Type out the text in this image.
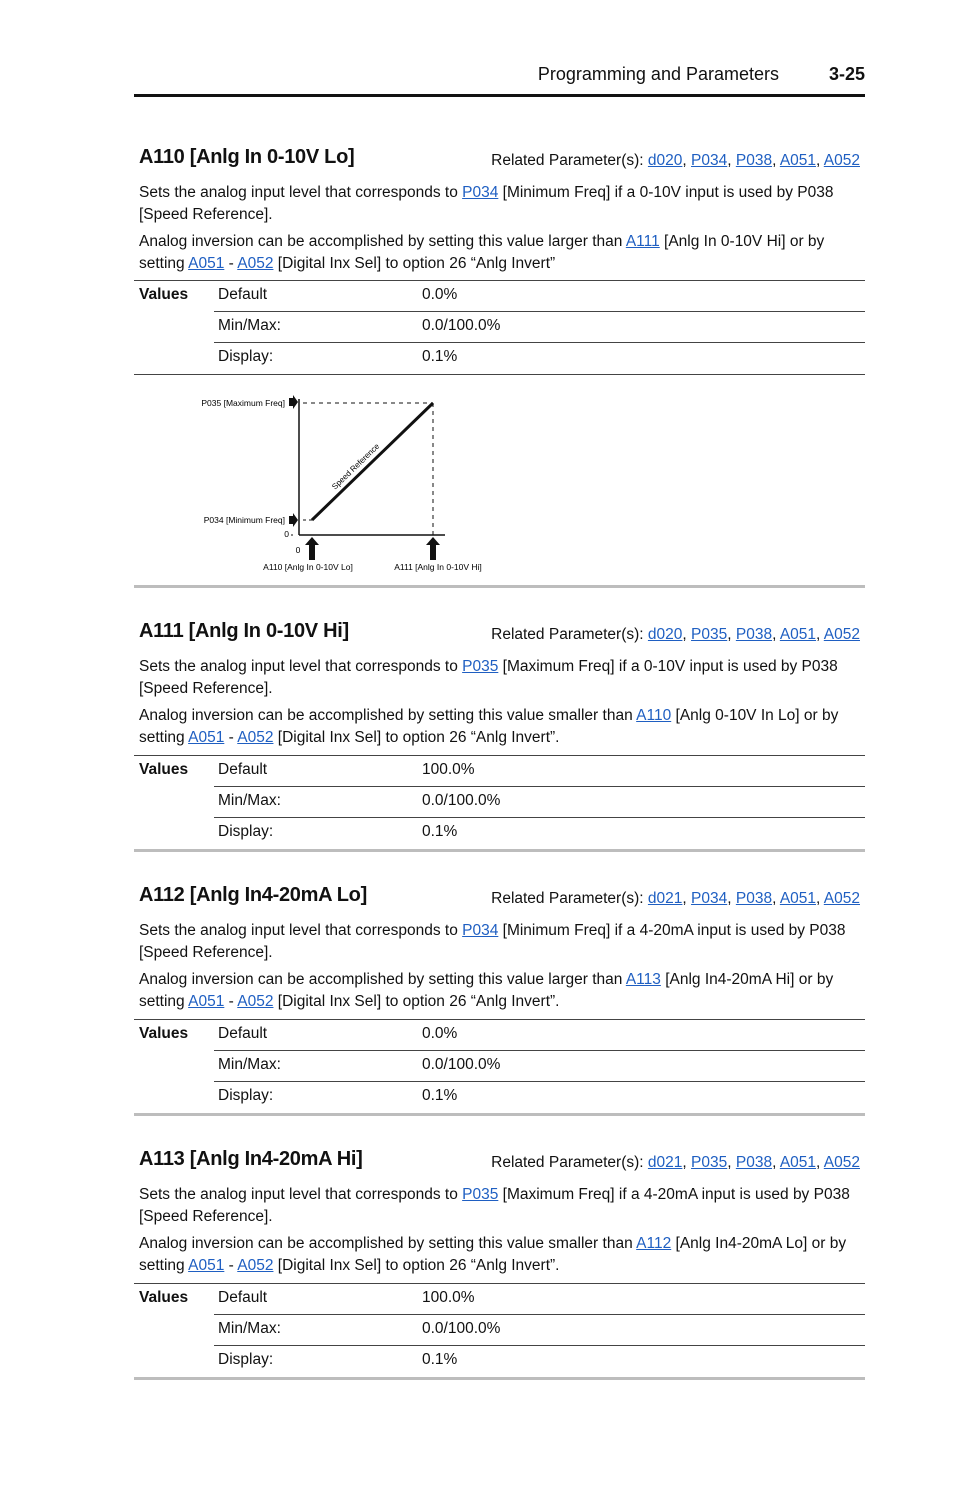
Programming and Parameters	3-25
A110 [Anlg In 0-10V Lo]	Related Parameter(s): d020, P034, P038, A051, A052
Sets the analog input level that corresponds to P034 [Minimum Freq] if a 0-10V input is used by P038 [Speed Reference].
Analog inversion can be accomplished by setting this value larger than A111 [Anlg In 0-10V Hi] or by setting A051 - A052 [Digital Inx Sel] to option 26 “Anlg Invert”
Values Default	0.0%
Min/Max:	0.0/100.0%
Display:	0.1%
Speed Reference
P035 [Maximum Freq]
P034 [Minimum Freq]
0
0
A110 [Anlg In 0-10V Lo]	A111 [Anlg In 0-10V Hi]
A111 [Anlg In 0-10V Hi]	Related Parameter(s): d020, P035, P038, A051, A052
Sets the analog input level that corresponds to P035 [Maximum Freq] if a 0-10V input is used by P038 [Speed Reference].
Analog inversion can be accomplished by setting this value smaller than A110 [Anlg 0-10V In Lo] or by setting A051 - A052 [Digital Inx Sel] to option 26 “Anlg Invert”.
Values Default	100.0%
Min/Max:	0.0/100.0%
Display:	0.1%
A112 [Anlg In4-20mA Lo]	Related Parameter(s): d021, P034, P038, A051, A052
Sets the analog input level that corresponds to P034 [Minimum Freq] if a 4-20mA input is used by P038 [Speed Reference].
Analog inversion can be accomplished by setting this value larger than A113 [Anlg In4-20mA Hi] or by setting A051 - A052 [Digital Inx Sel] to option 26 “Anlg Invert”.
Values Default	0.0%
Min/Max:	0.0/100.0%
Display:	0.1%
A113 [Anlg In4-20mA Hi]	Related Parameter(s): d021, P035, P038, A051, A052
Sets the analog input level that corresponds to P035 [Maximum Freq] if a 4-20mA input is used by P038 [Speed Reference].
Analog inversion can be accomplished by setting this value smaller than A112 [Anlg In4-20mA Lo] or by setting A051 - A052 [Digital Inx Sel] to option 26 “Anlg Invert”.
Values Default	100.0%
Min/Max:	0.0/100.0%
Display:	0.1%
